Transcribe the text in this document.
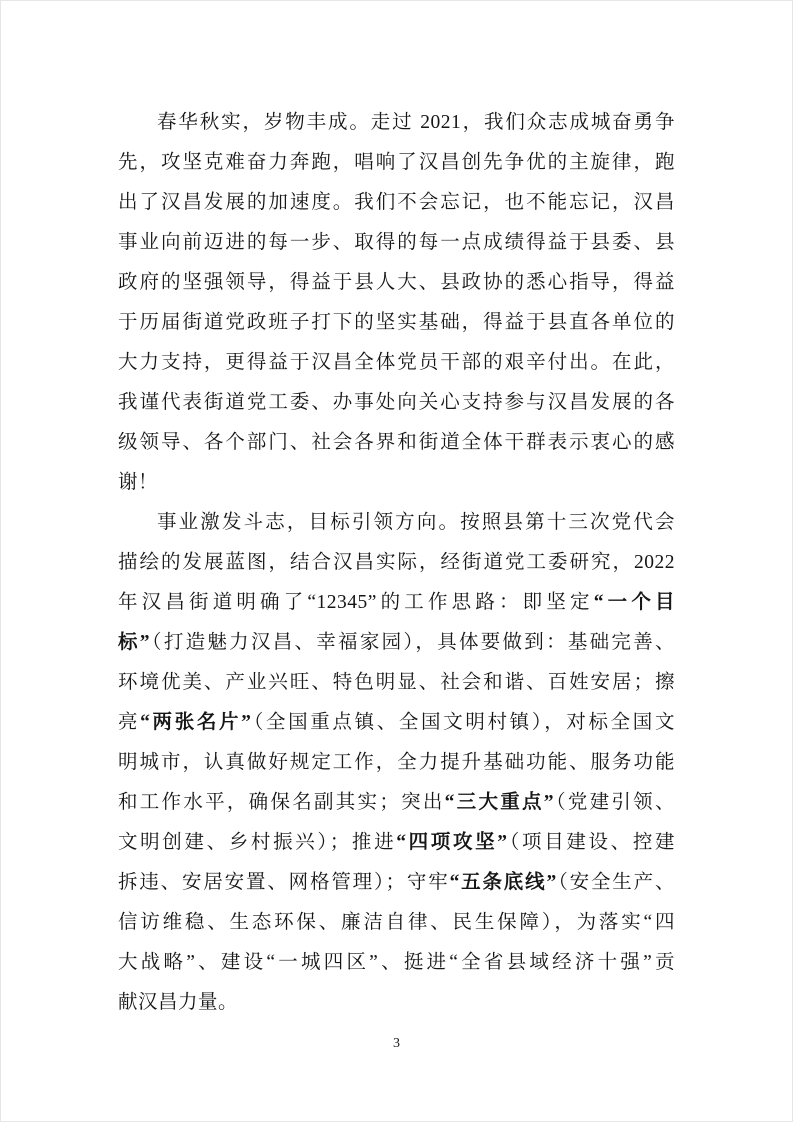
春华秋实，岁物丰成。走过 2021，我们众志成城奋勇争
先，攻坚克难奋力奔跑，唱响了汉昌创先争优的主旋律，跑
出了汉昌发展的加速度。我们不会忘记，也不能忘记，汉昌
事业向前迈进的每一步、取得的每一点成绩得益于县委、县
政府的坚强领导，得益于县人大、县政协的悉心指导，得益
于历届街道党政班子打下的坚实基础，得益于县直各单位的
大力支持，更得益于汉昌全体党员干部的艰辛付出。在此，
我谨代表街道党工委、办事处向关心支持参与汉昌发展的各
级领导、各个部门、社会各界和街道全体干群表示衷心的感
谢！
事业激发斗志，目标引领方向。按照县第十三次党代会
描绘的发展蓝图，结合汉昌实际，经街道党工委研究，2022
年汉昌街道明确了“12345”的工作思路：即坚定“一个目
标”（打造魅力汉昌、幸福家园），具体要做到：基础完善、
环境优美、产业兴旺、特色明显、社会和谐、百姓安居；擦
亮“两张名片”（全国重点镇、全国文明村镇），对标全国文
明城市，认真做好规定工作，全力提升基础功能、服务功能
和工作水平，确保名副其实；突出“三大重点”（党建引领、
文明创建、乡村振兴）；推进“四项攻坚”（项目建设、控建
拆违、安居安置、网格管理）；守牢“五条底线”（安全生产、
信访维稳、生态环保、廉洁自律、民生保障），为落实“四
大战略”、建设“一城四区”、挺进“全省县域经济十强”贡
献汉昌力量。
3
